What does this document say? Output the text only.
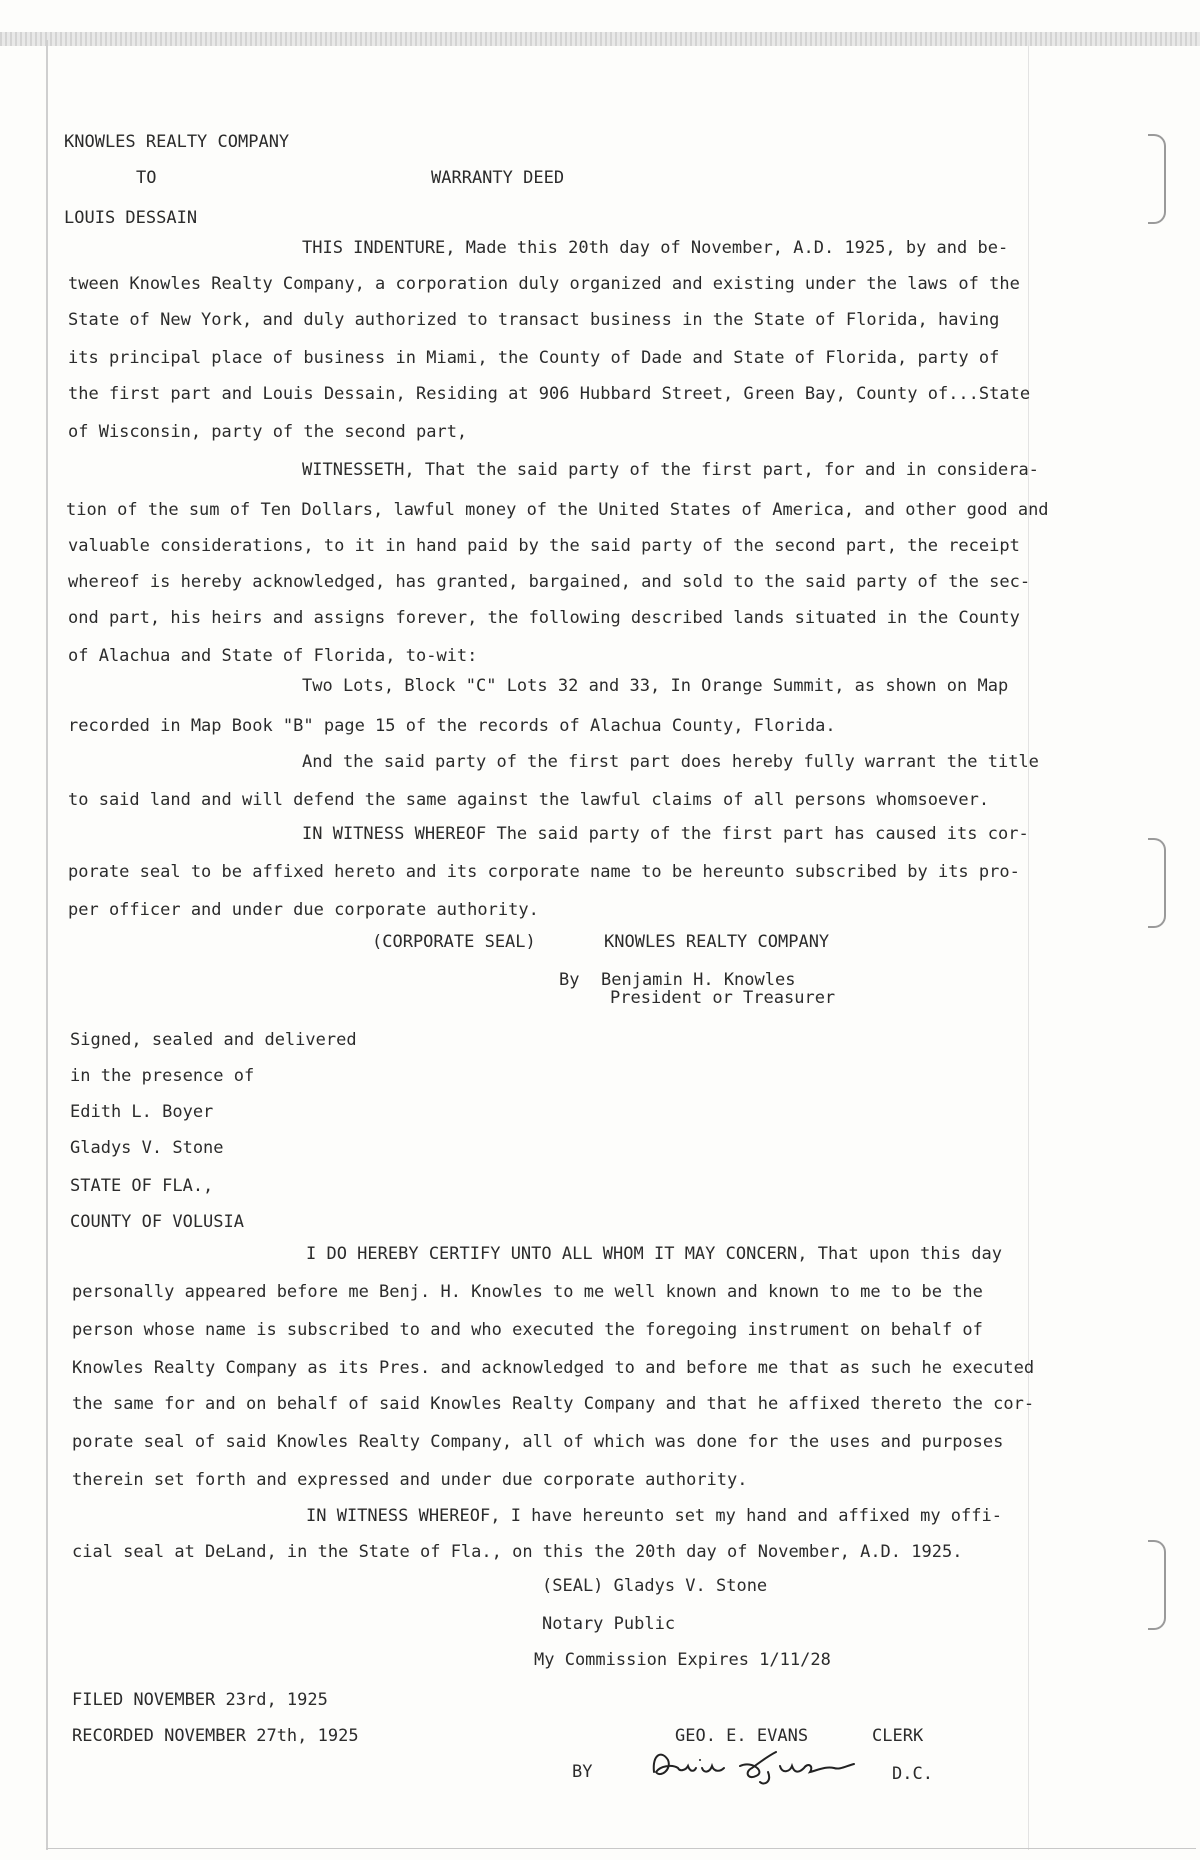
KNOWLES REALTY COMPANY
TO	WARRANTY DEED
LOUIS DESSAIN
THIS INDENTURE, Made this 20th day of November, A.D. 1925, by and be-
tween Knowles Realty Company, a corporation duly organized and existing under the laws of the
State of New York, and duly authorized to transact business in the State of Florida, having
its principal place of business in Miami, the County of Dade and State of Florida, party of
the first part and Louis Dessain, Residing at 906 Hubbard Street, Green Bay, County of...State
of Wisconsin, party of the second part,
WITNESSETH, That the said party of the first part, for and in considera-
tion of the sum of Ten Dollars, lawful money of the United States of America, and other good and
valuable considerations, to it in hand paid by the said party of the second part, the receipt
whereof is hereby acknowledged, has granted, bargained, and sold to the said party of the sec-
ond part, his heirs and assigns forever, the following described lands situated in the County
of Alachua and State of Florida, to-wit:
Two Lots, Block "C" Lots 32 and 33, In Orange Summit, as shown on Map
recorded in Map Book "B" page 15 of the records of Alachua County, Florida.
And the said party of the first part does hereby fully warrant the title
to said land and will defend the same against the lawful claims of all persons whomsoever.
IN WITNESS WHEREOF The said party of the first part has caused its cor-
porate seal to be affixed hereto and its corporate name to be hereunto subscribed by its pro-
per officer and under due corporate authority.
(CORPORATE SEAL)	KNOWLES REALTY COMPANY
By Benjamin H. Knowles
President or Treasurer
Signed, sealed and delivered
in the presence of
Edith L. Boyer
Gladys V. Stone
STATE OF FLA.,
COUNTY OF VOLUSIA
I DO HEREBY CERTIFY UNTO ALL WHOM IT MAY CONCERN, That upon this day
personally appeared before me Benj. H. Knowles to me well known and known to me to be the
person whose name is subscribed to and who executed the foregoing instrument on behalf of
Knowles Realty Company as its Pres. and acknowledged to and before me that as such he executed
the same for and on behalf of said Knowles Realty Company and that he affixed thereto the cor-
porate seal of said Knowles Realty Company, all of which was done for the uses and purposes
therein set forth and expressed and under due corporate authority.
IN WITNESS WHEREOF, I have hereunto set my hand and affixed my offi-
cial seal at DeLand, in the State of Fla., on this the 20th day of November, A.D. 1925.
(SEAL) Gladys V. Stone
Notary Public
My Commission Expires 1/11/28
FILED NOVEMBER 23rd, 1925
RECORDED NOVEMBER 27th, 1925	GEO. E. EVANS	CLERK
BY	D.C.
